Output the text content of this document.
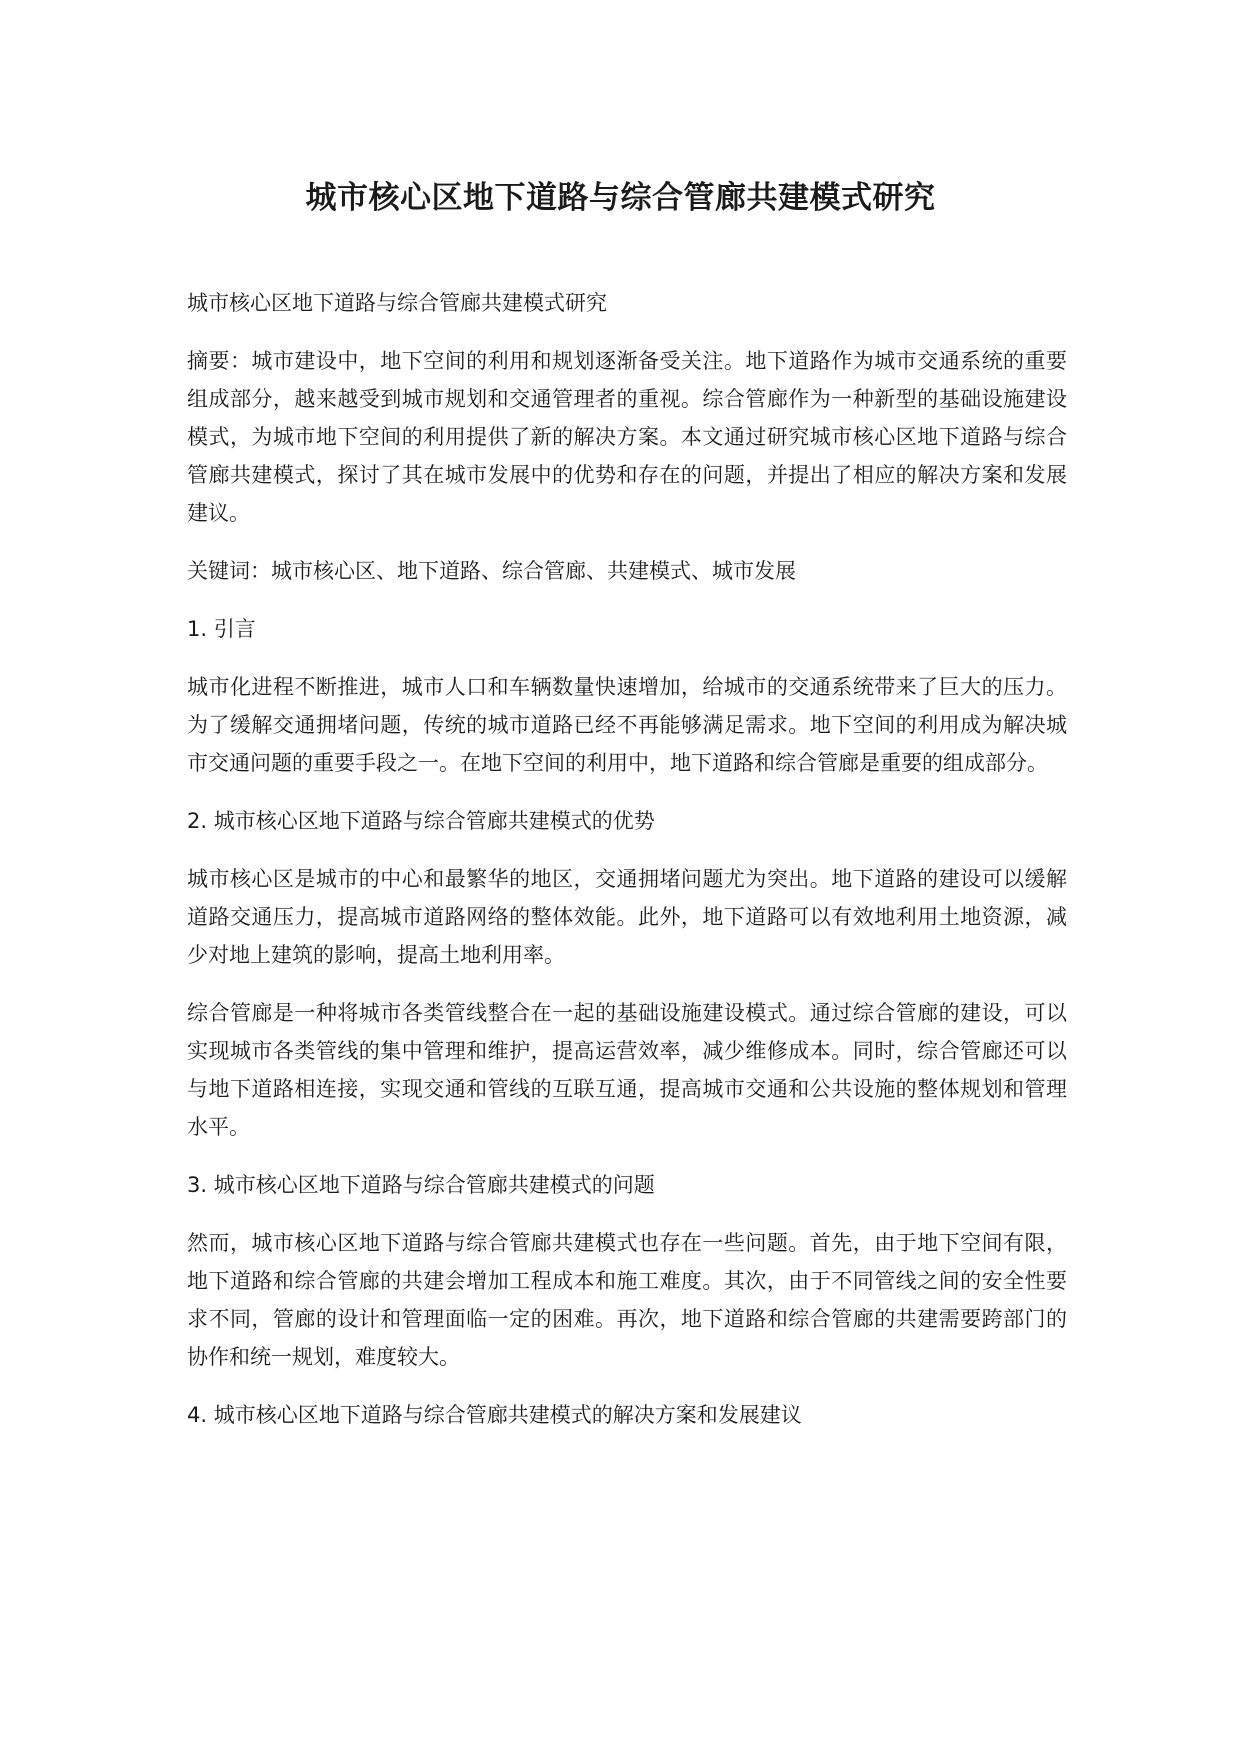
城市核心区地下道路与综合管廊共建模式研究

城市核心区地下道路与综合管廊共建模式研究

摘要：城市建设中，地下空间的利用和规划逐渐备受关注。地下道路作为城市交通系统的重要组成部分，越来越受到城市规划和交通管理者的重视。综合管廊作为一种新型的基础设施建设模式，为城市地下空间的利用提供了新的解决方案。本文通过研究城市核心区地下道路与综合管廊共建模式，探讨了其在城市发展中的优势和存在的问题，并提出了相应的解决方案和发展建议。

关键词：城市核心区、地下道路、综合管廊、共建模式、城市发展

1. 引言

城市化进程不断推进，城市人口和车辆数量快速增加，给城市的交通系统带来了巨大的压力。为了缓解交通拥堵问题，传统的城市道路已经不再能够满足需求。地下空间的利用成为解决城市交通问题的重要手段之一。在地下空间的利用中，地下道路和综合管廊是重要的组成部分。

2. 城市核心区地下道路与综合管廊共建模式的优势

城市核心区是城市的中心和最繁华的地区，交通拥堵问题尤为突出。地下道路的建设可以缓解道路交通压力，提高城市道路网络的整体效能。此外，地下道路可以有效地利用土地资源，减少对地上建筑的影响，提高土地利用率。

综合管廊是一种将城市各类管线整合在一起的基础设施建设模式。通过综合管廊的建设，可以实现城市各类管线的集中管理和维护，提高运营效率，减少维修成本。同时，综合管廊还可以与地下道路相连接，实现交通和管线的互联互通，提高城市交通和公共设施的整体规划和管理水平。

3. 城市核心区地下道路与综合管廊共建模式的问题

然而，城市核心区地下道路与综合管廊共建模式也存在一些问题。首先，由于地下空间有限，地下道路和综合管廊的共建会增加工程成本和施工难度。其次，由于不同管线之间的安全性要求不同，管廊的设计和管理面临一定的困难。再次，地下道路和综合管廊的共建需要跨部门的协作和统一规划，难度较大。

4. 城市核心区地下道路与综合管廊共建模式的解决方案和发展建议
